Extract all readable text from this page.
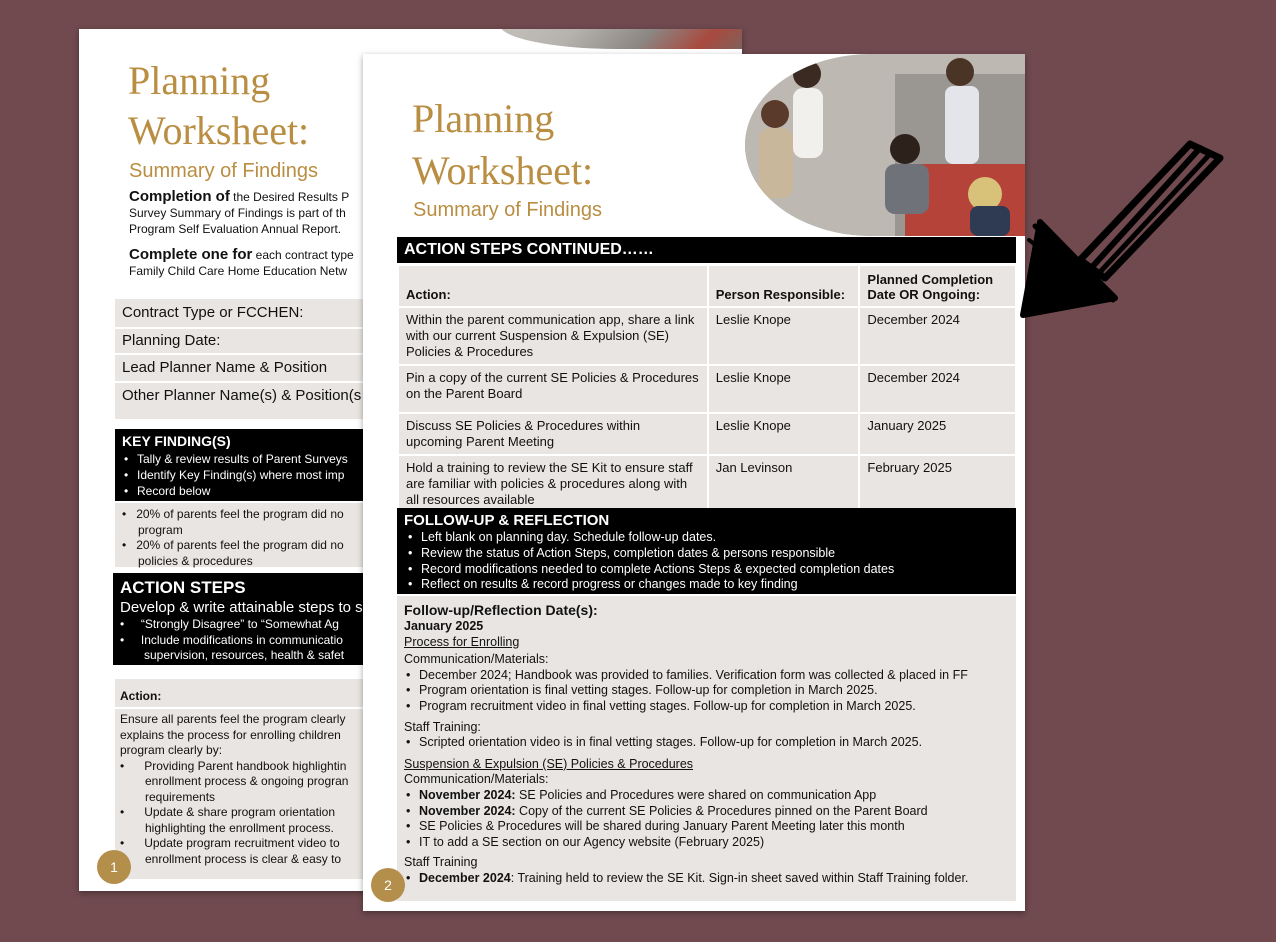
Planning
Worksheet:
Summary of Findings
Completion of the Desired Results P
Survey Summary of Findings is part of th
Program Self Evaluation Annual Report.
Complete one for each contract type
Family Child Care Home Education Netw
Contract Type or FCCHEN:
Planning Date:
Lead Planner Name & Position
Other Planner Name(s) & Position(s
KEY FINDING(S)
• Tally & review results of Parent Surveys
• Identify Key Finding(s) where most imp
• Record below
•   20% of parents feel the program did no
program
•   20% of parents feel the program did no
policies & procedures
ACTION STEPS
Develop & write attainable steps to s
•     “Strongly Disagree” to “Somewhat Ag
•     Include modifications in communicatio
supervision, resources, health & safet
Action:
Ensure all parents feel the program clearly
explains the process for enrolling children
program clearly by:
•      Providing Parent handbook highlightin
enrollment process & ongoing progran
requirements
•      Update & share program orientation
highlighting the enrollment process.
•      Update program recruitment video to
enrollment process is clear & easy to
1
Planning
Worksheet:
Summary of Findings
ACTION STEPS CONTINUED……
Action:	Person Responsible:	Planned Completion Date OR Ongoing:
Within the parent communication app, share a link with our current Suspension & Expulsion (SE) Policies & Procedures	Leslie Knope	December 2024
Pin a copy of the current SE Policies & Procedures on the Parent Board	Leslie Knope	December 2024
Discuss SE Policies & Procedures within upcoming Parent Meeting	Leslie Knope	January 2025
Hold a training to review the SE Kit to ensure staff are familiar with policies & procedures along with all resources available	Jan Levinson	February 2025
FOLLOW-UP & REFLECTION
• Left blank on planning day. Schedule follow-up dates.
• Review the status of Action Steps, completion dates & persons responsible
• Record modifications needed to complete Actions Steps & expected completion dates
• Reflect on results & record progress or changes made to key finding
Follow-up/Reflection Date(s):
January 2025
Process for Enrolling
Communication/Materials:
• December 2024; Handbook was provided to families. Verification form was collected & placed in FF
• Program orientation is final vetting stages. Follow-up for completion in March 2025.
• Program recruitment video in final vetting stages. Follow-up for completion in March 2025.
Staff Training:
• Scripted orientation video is in final vetting stages. Follow-up for completion in March 2025.
Suspension & Expulsion (SE) Policies & Procedures
Communication/Materials:
• November 2024: SE Policies and Procedures were shared on communication App
• November 2024: Copy of the current SE Policies & Procedures pinned on the Parent Board
• SE Policies & Procedures will be shared during January Parent Meeting later this month
• IT to add a SE section on our Agency website (February 2025)
Staff Training
• December 2024: Training held to review the SE Kit. Sign-in sheet saved within Staff Training folder.
2
